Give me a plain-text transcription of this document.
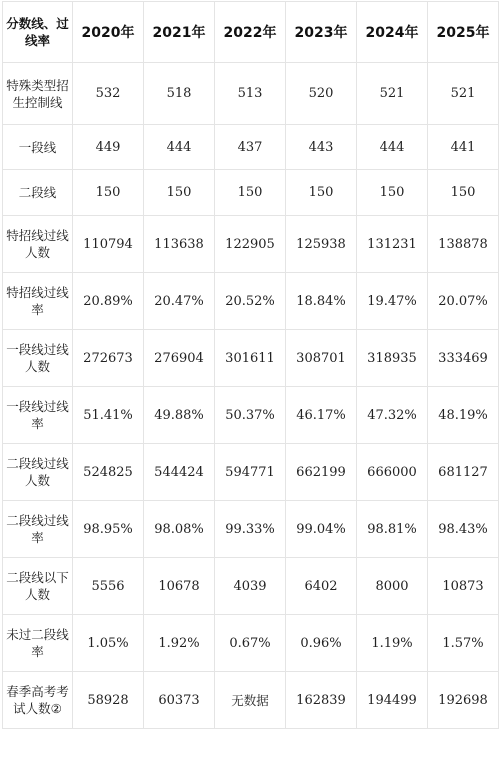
分数线、过线率	2020年	2021年	2022年	2023年	2024年	2025年
特殊类型招生控制线	532	518	513	520	521	521
一段线	449	444	437	443	444	441
二段线	150	150	150	150	150	150
特招线过线人数	110794	113638	122905	125938	131231	138878
特招线过线率	20.89%	20.47%	20.52%	18.84%	19.47%	20.07%
一段线过线人数	272673	276904	301611	308701	318935	333469
一段线过线率	51.41%	49.88%	50.37%	46.17%	47.32%	48.19%
二段线过线人数	524825	544424	594771	662199	666000	681127
二段线过线率	98.95%	98.08%	99.33%	99.04%	98.81%	98.43%
二段线以下人数	5556	10678	4039	6402	8000	10873
未过二段线率	1.05%	1.92%	0.67%	0.96%	1.19%	1.57%
春季高考考试人数②	58928	60373	无数据	162839	194499	192698
